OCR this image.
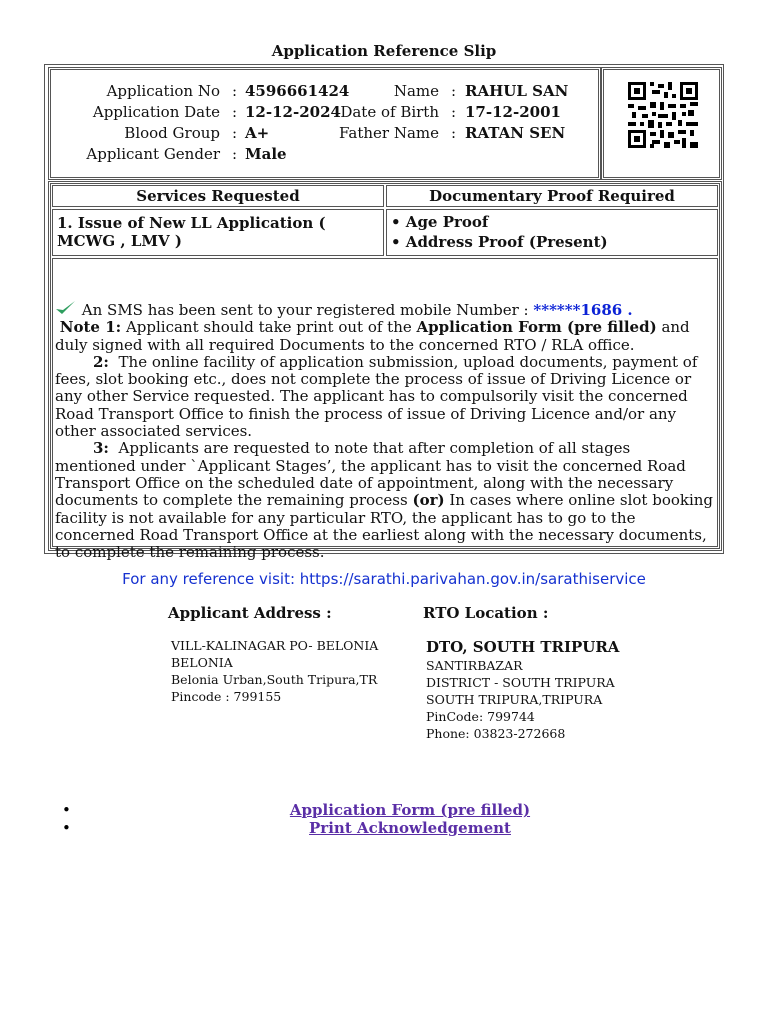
Application Reference Slip
Application No : 4596661424
Application Date : 12-12-2024
Blood Group : A+
Applicant Gender : Male
Name : RAHUL SAN
Date of Birth : 17-12-2001
Father Name : RATAN SEN
Services Requested	Documentary Proof Required
1. Issue of New LL Application ( MCWG , LMV )
• Age Proof
• Address Proof (Present)

An SMS has been sent to your registered mobile Number : ******1686 .

Note 1: Applicant should take print out of the Application Form (pre filled) and duly signed with all required Documents to the concerned RTO / RLA office.

2: The online facility of application submission, upload documents, payment of fees, slot booking etc., does not complete the process of issue of Driving Licence or any other Service requested. The applicant has to compulsorily visit the concerned Road Transport Office to finish the process of issue of Driving Licence and/or any other associated services.

3: Applicants are requested to note that after completion of all stages mentioned under `Applicant Stages’, the applicant has to visit the concerned Road Transport Office on the scheduled date of appointment, along with the necessary documents to complete the remaining process (or) In cases where online slot booking facility is not available for any particular RTO, the applicant has to go to the concerned Road Transport Office at the earliest along with the necessary documents, to complete the remaining process.

For any reference visit: https://sarathi.parivahan.gov.in/sarathiservice
Applicant Address :	RTO Location :
VILL-KALINAGAR PO- BELONIA
BELONIA
Belonia Urban,South Tripura,TR
Pincode : 799155
DTO, SOUTH TRIPURA
SANTIRBAZAR
DISTRICT - SOUTH TRIPURA
SOUTH TRIPURA,TRIPURA
PinCode: 799744
Phone: 03823-272668
• Application Form (pre filled)
• Print Acknowledgement
